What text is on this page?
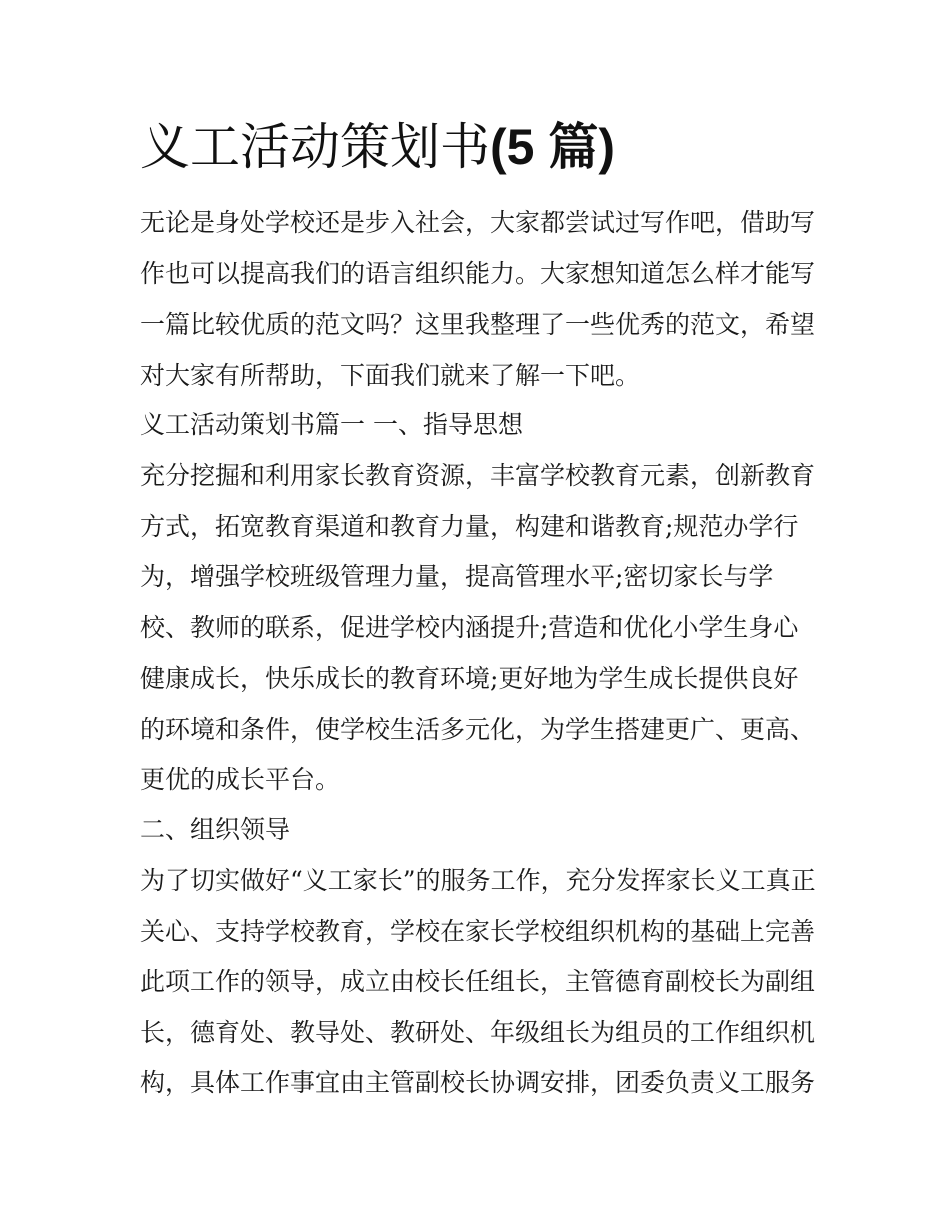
义工活动策划书(5 篇)

无论是身处学校还是步入社会，大家都尝试过写作吧，借助写

作也可以提高我们的语言组织能力。大家想知道怎么样才能写

一篇比较优质的范文吗？这里我整理了一些优秀的范文，希望

对大家有所帮助，下面我们就来了解一下吧。

义工活动策划书篇一 一、指导思想

充分挖掘和利用家长教育资源，丰富学校教育元素，创新教育

方式，拓宽教育渠道和教育力量，构建和谐教育;规范办学行

为，增强学校班级管理力量，提高管理水平;密切家长与学

校、教师的联系，促进学校内涵提升;营造和优化小学生身心

健康成长，快乐成长的教育环境;更好地为学生成长提供良好

的环境和条件，使学校生活多元化，为学生搭建更广、更高、

更优的成长平台。

二、组织领导

为了切实做好“义工家长”的服务工作，充分发挥家长义工真正

关心、支持学校教育，学校在家长学校组织机构的基础上完善

此项工作的领导，成立由校长任组长，主管德育副校长为副组

长，德育处、教导处、教研处、年级组长为组员的工作组织机

构，具体工作事宜由主管副校长协调安排，团委负责义工服务
